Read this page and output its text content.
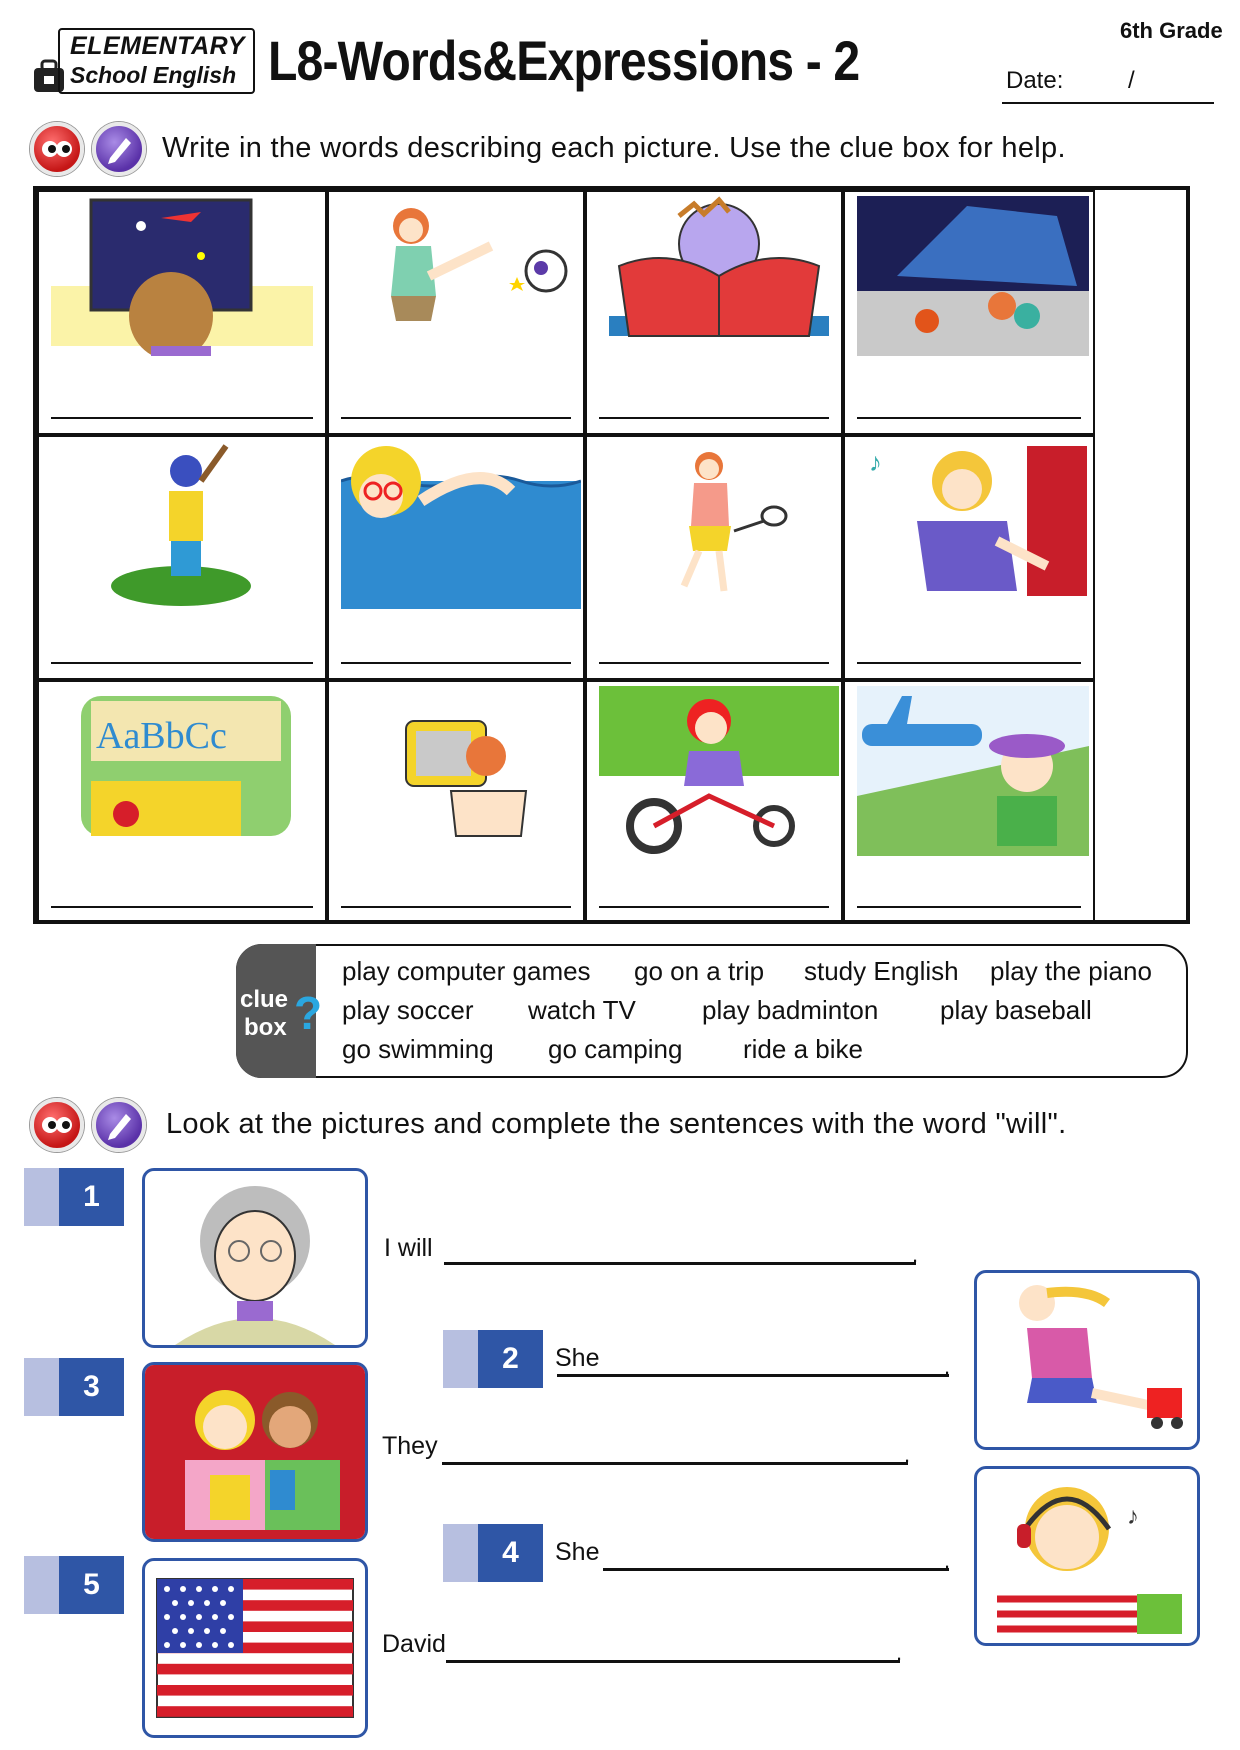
ELEMENTARY
School English L8-Words&Expressions - 2	6th Grade
Date:	/
Write in the words describing each picture. Use the clue box for help.
♪
AaBbCc
clue
box ?
play computer games go on a trip study English play the piano
play soccer watch TV	play badminton play baseball
go swimming go camping ride a bike
Look at the pictures and complete the sentences with the word "will".
1
I will	.
2	She	.
3
They	.
4	She	.
♪
5
David	.
